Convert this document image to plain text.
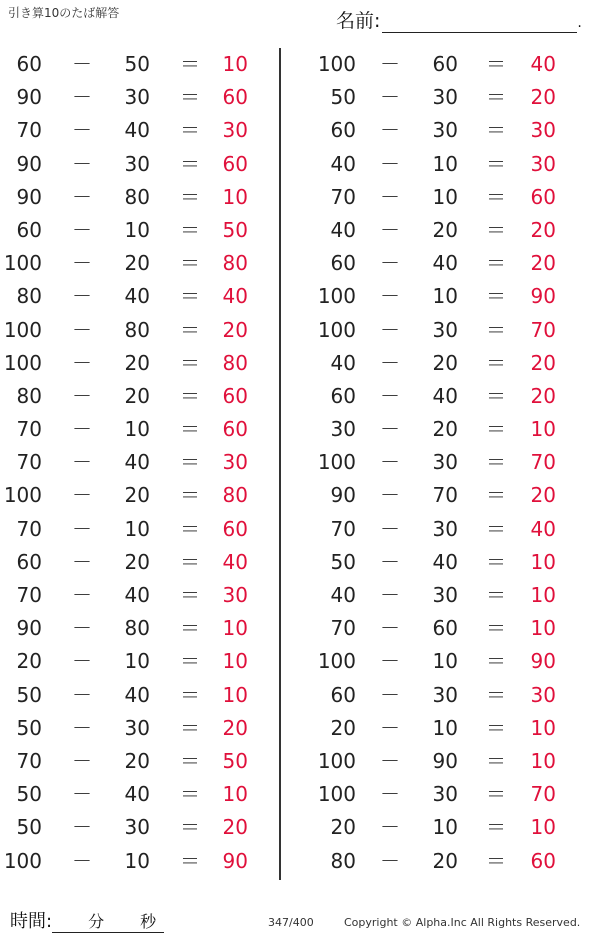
引き算10のたば解答	名前:	.
60 －	50 ＝	10
90 －	30 ＝	60
70 －	40 ＝	30
90 －	30 ＝	60
90 －	80 ＝	10
60 －	10 ＝	50
100 －	20 ＝	80
80 －	40 ＝	40
100 －	80 ＝	20
100 －	20 ＝	80
80 －	20 ＝	60
70 －	10 ＝	60
70 －	40 ＝	30
100 －	20 ＝	80
70 －	10 ＝	60
60 －	20 ＝	40
70 －	40 ＝	30
90 －	80 ＝	10
20 －	10 ＝	10
50 －	40 ＝	10
50 －	30 ＝	20
70 －	20 ＝	50
50 －	40 ＝	10
50 －	30 ＝	20
100 －	10 ＝	90
100 －	60 ＝	40
50 －	30 ＝	20
60 －	30 ＝	30
40 －	10 ＝	30
70 －	10 ＝	60
40 －	20 ＝	20
60 －	40 ＝	20
100 －	10 ＝	90
100 －	30 ＝	70
40 －	20 ＝	20
60 －	40 ＝	20
30 －	20 ＝	10
100 －	30 ＝	70
90 －	70 ＝	20
70 －	30 ＝	40
50 －	40 ＝	10
40 －	30 ＝	10
70 －	60 ＝	10
100 －	10 ＝	90
60 －	30 ＝	30
20 －	10 ＝	10
100 －	90 ＝	10
100 －	30 ＝	70
20 －	10 ＝	10
80 －	20 ＝	60
時間: 分 秒	347/400	Copyright © Alpha.Inc All Rights Reserved.
